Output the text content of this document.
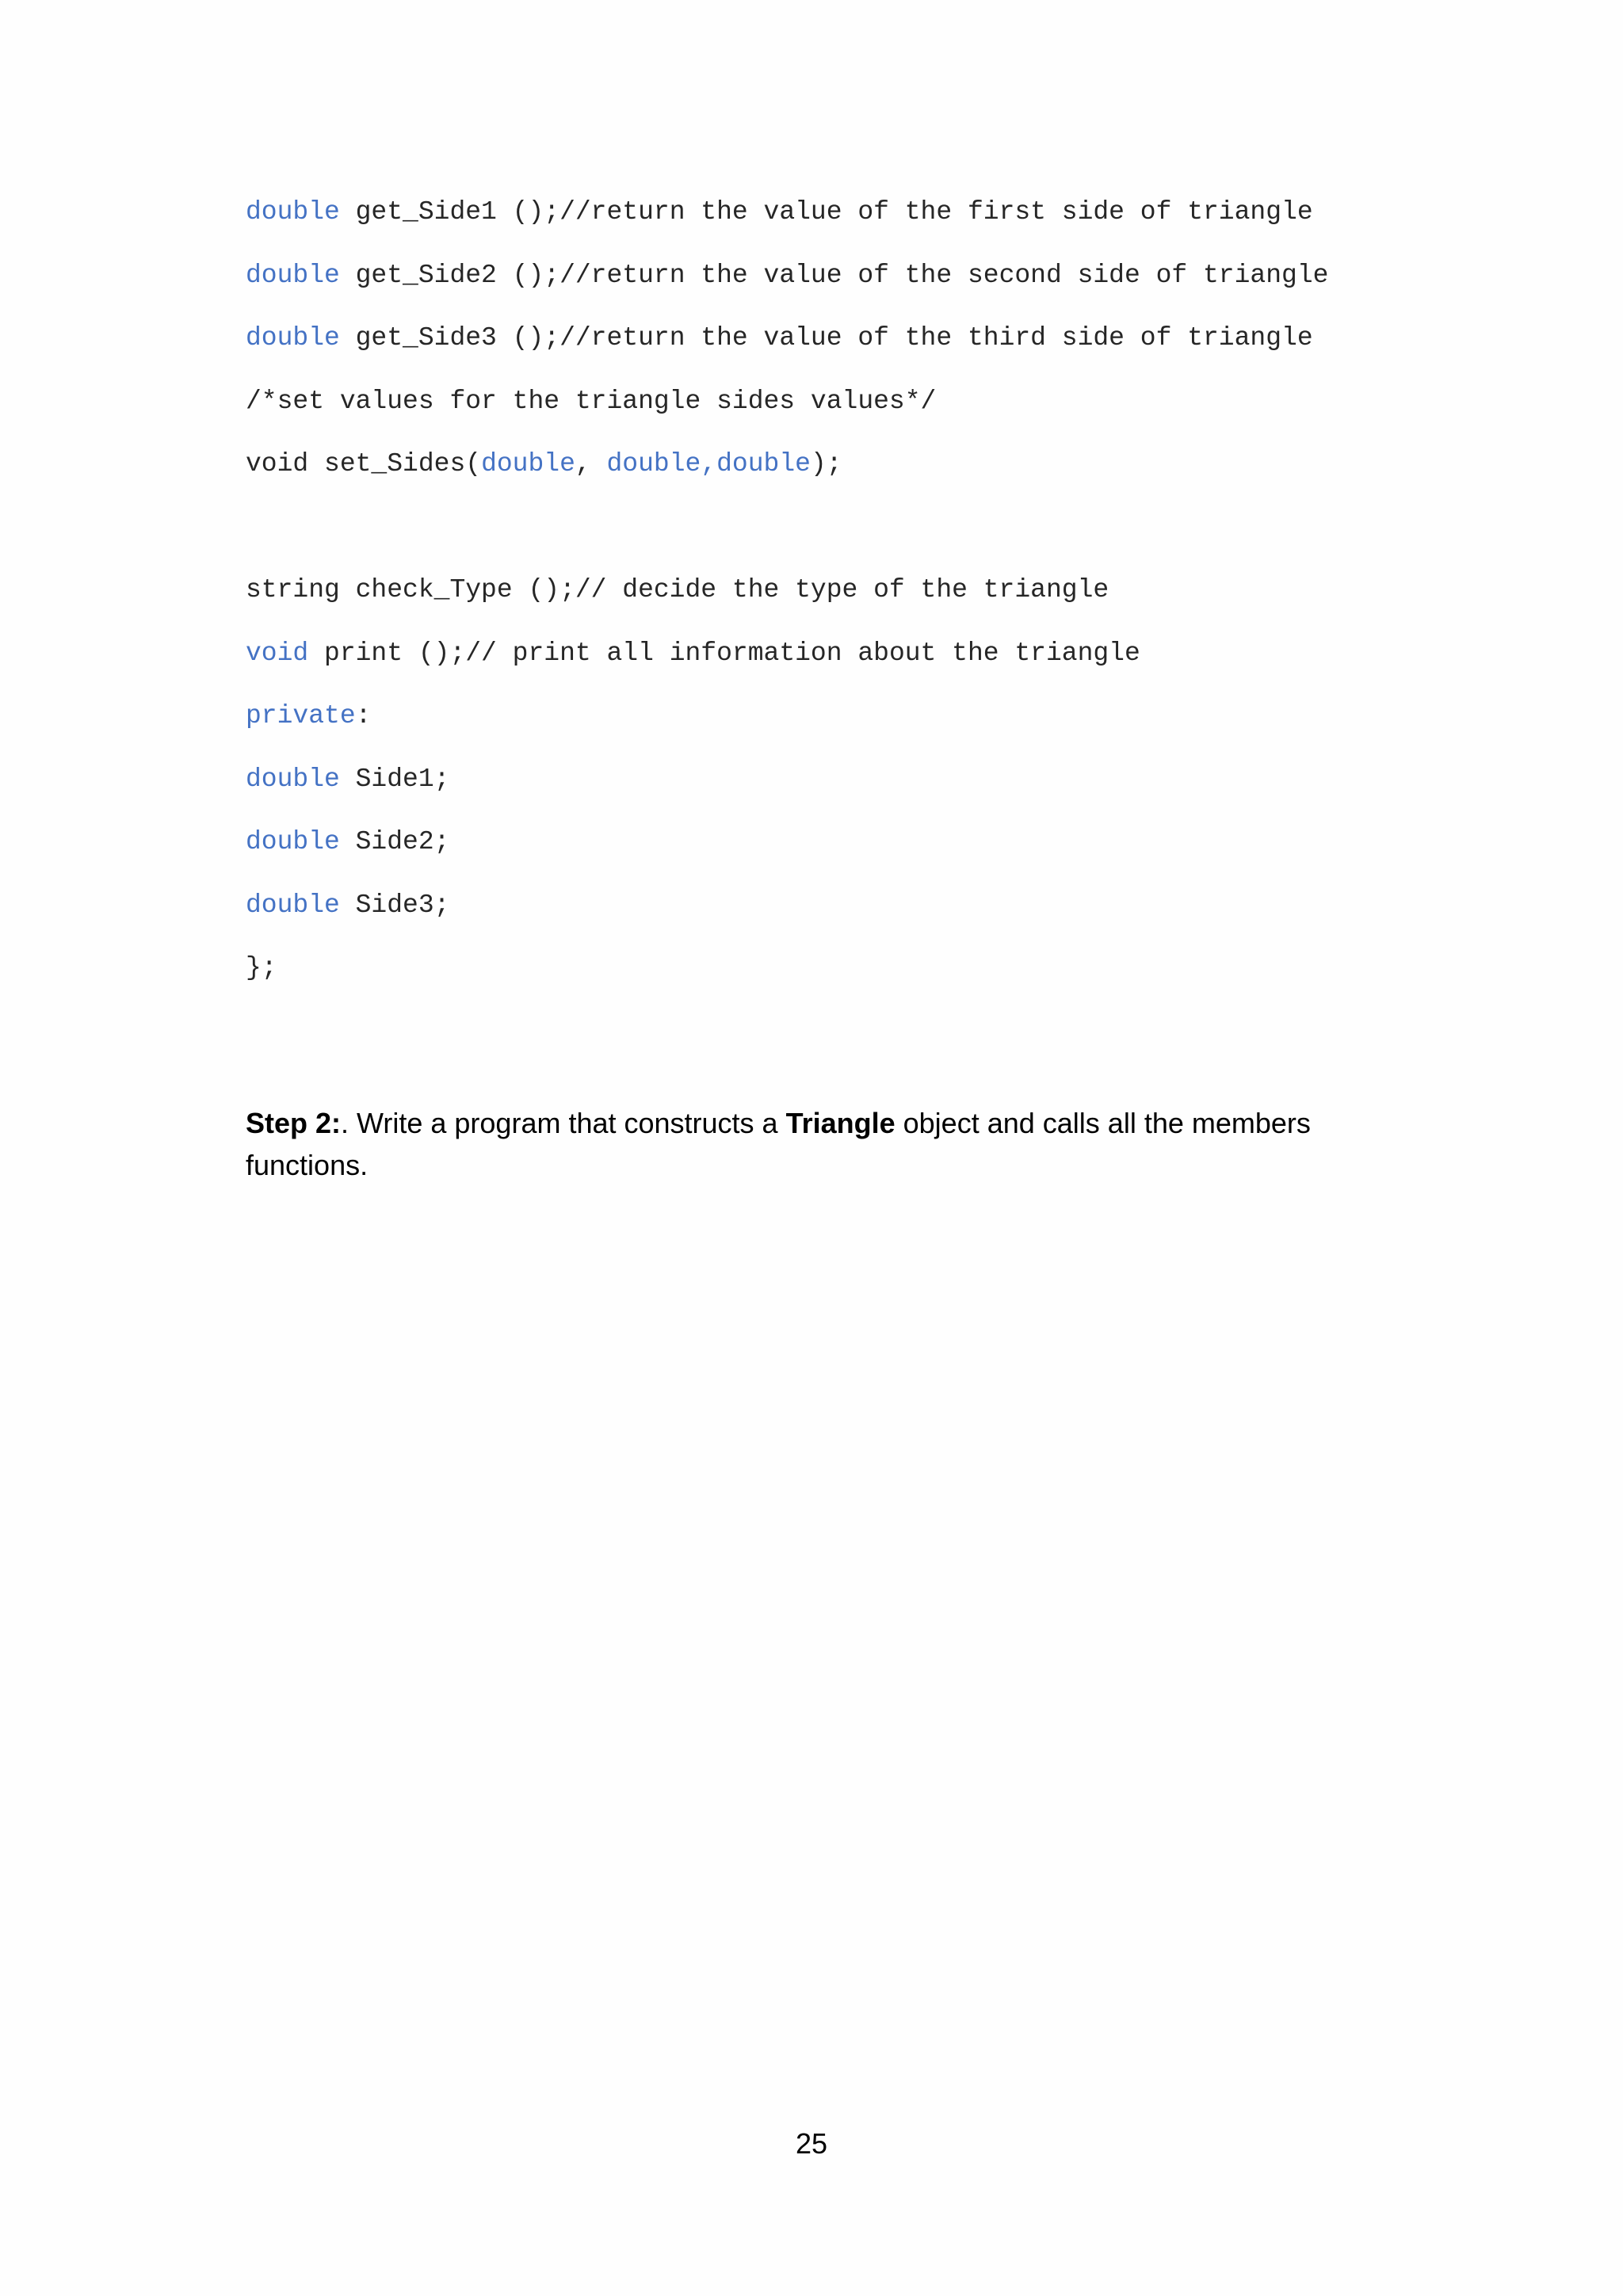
double get_Side1 ();//return the value of the first side of triangle
double get_Side2 ();//return the value of the second side of triangle
double get_Side3 ();//return the value of the third side of triangle
/*set values for the triangle sides values*/
void set_Sides(double, double,double);
string check_Type ();// decide the type of the triangle
void print ();// print all information about the triangle
private:
double Side1;
double Side2;
double Side3;
};

Step 2:. Write a program that constructs a Triangle object and calls all the members functions.

25
